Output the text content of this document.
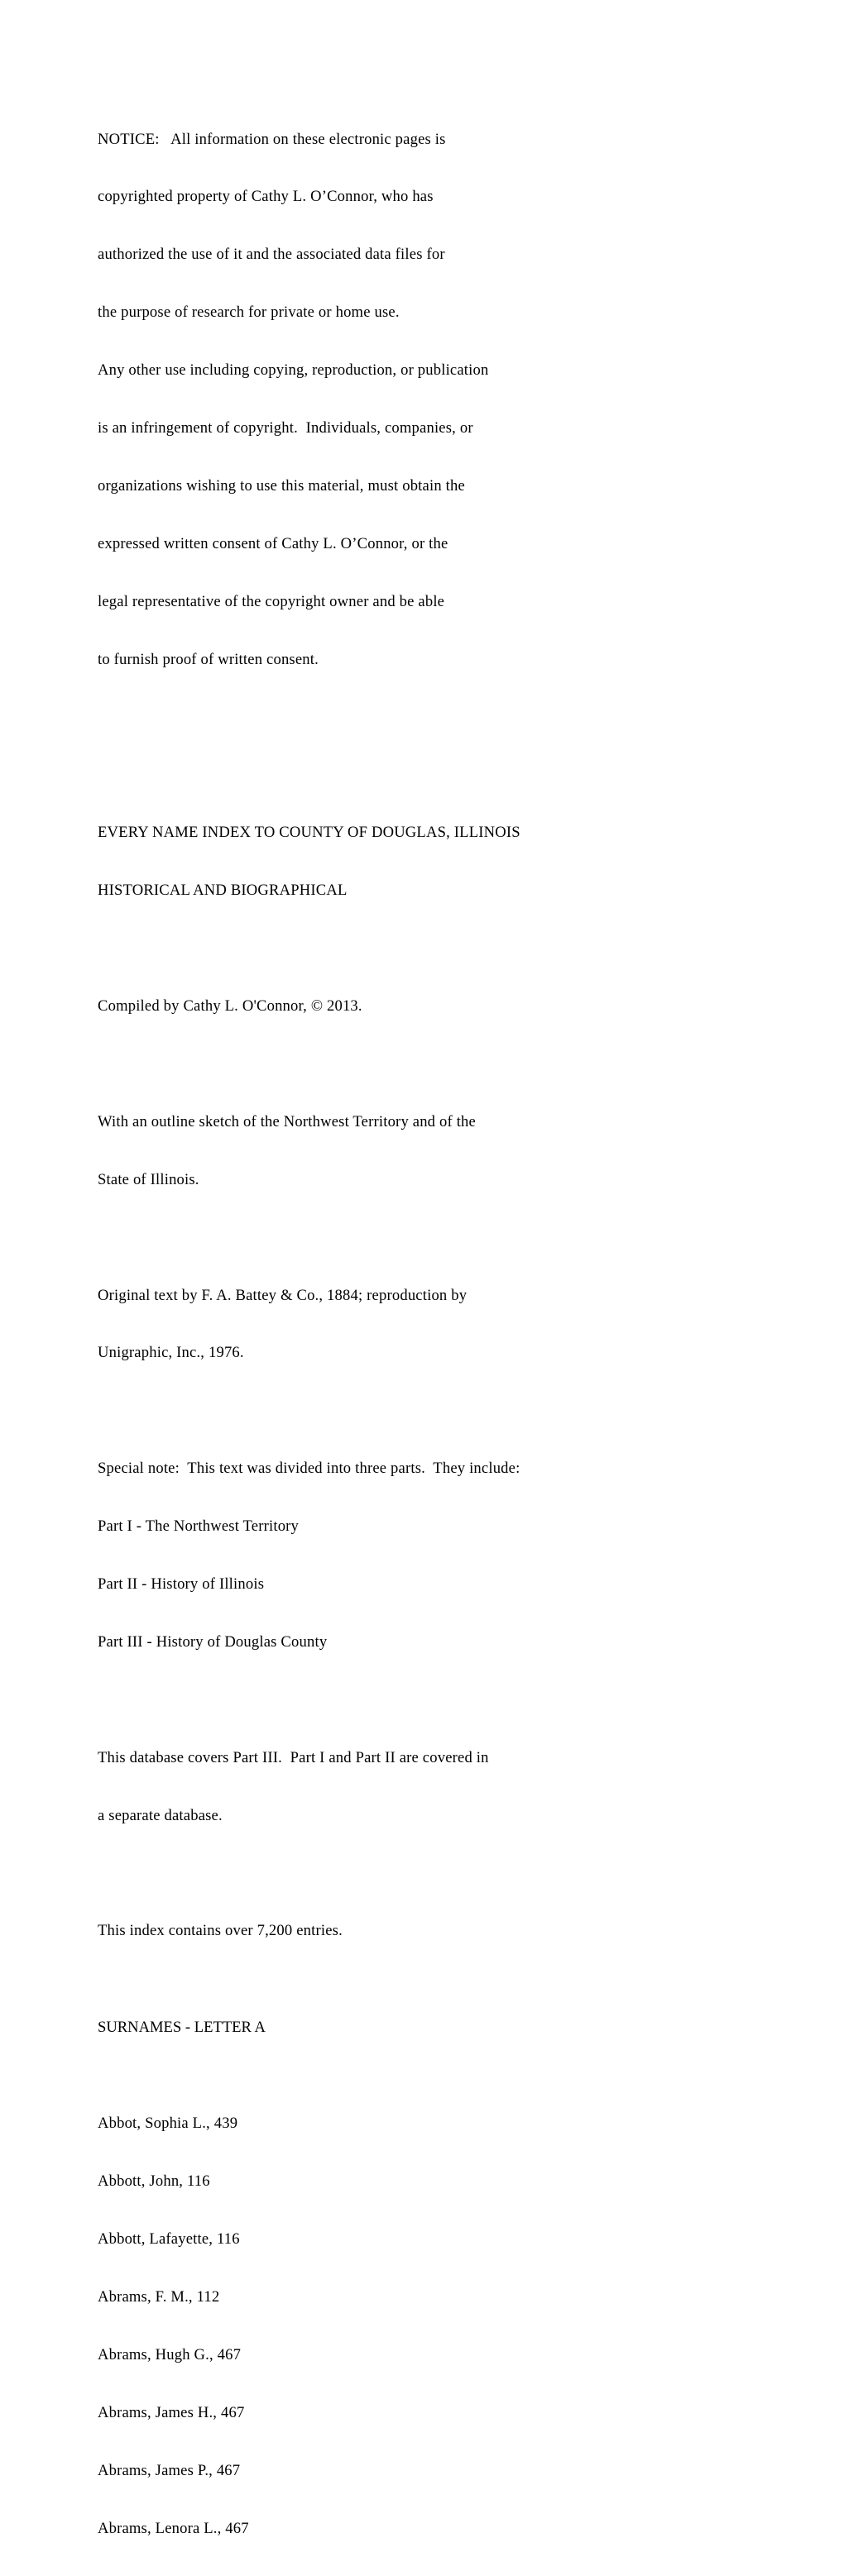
NOTICE:   All information on these electronic pages is

copyrighted property of Cathy L. O’Connor, who has

authorized the use of it and the associated data files for

the purpose of research for private or home use.

Any other use including copying, reproduction, or publication

is an infringement of copyright.  Individuals, companies, or

organizations wishing to use this material, must obtain the

expressed written consent of Cathy L. O’Connor, or the

legal representative of the copyright owner and be able

to furnish proof of written consent.

EVERY NAME INDEX TO COUNTY OF DOUGLAS, ILLINOIS

HISTORICAL AND BIOGRAPHICAL

Compiled by Cathy L. O'Connor, © 2013.

With an outline sketch of the Northwest Territory and of the

State of Illinois.

Original text by F. A. Battey & Co., 1884; reproduction by

Unigraphic, Inc., 1976.

Special note:  This text was divided into three parts.  They include:

Part I - The Northwest Territory

Part II - History of Illinois

Part III - History of Douglas County

This database covers Part III.  Part I and Part II are covered in

a separate database.

This index contains over 7,200 entries.

SURNAMES - LETTER A

Abbot, Sophia L., 439

Abbott, John, 116

Abbott, Lafayette, 116

Abrams, F. M., 112

Abrams, Hugh G., 467

Abrams, James H., 467

Abrams, James P., 467

Abrams, Lenora L., 467
